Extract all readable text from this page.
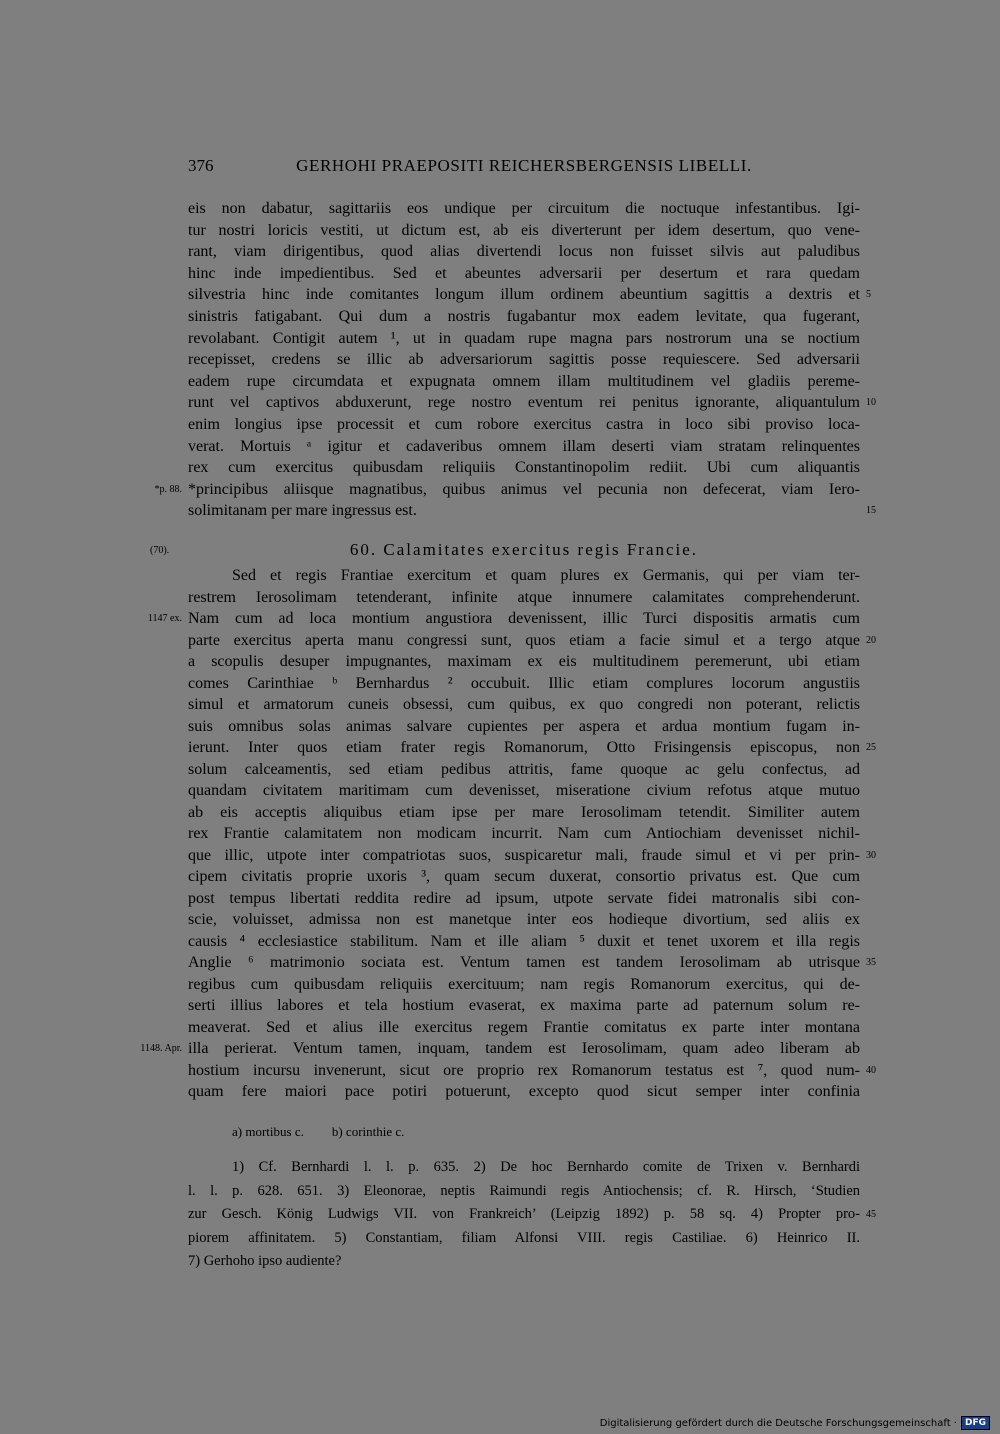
376	GERHOHI PRAEPOSITI REICHERSBERGENSIS LIBELLI.
eis non dabatur, sagittariis eos undique per circuitum die noctuque infestantibus. Igi-
tur nostri loricis vestiti, ut dictum est, ab eis diverterunt per idem desertum, quo vene-
rant, viam dirigentibus, quod alias divertendi locus non fuisset silvis aut paludibus
hinc inde impedientibus. Sed et abeuntes adversarii per desertum et rara quedam
silvestria hinc inde comitantes longum illum ordinem abeuntium sagittis a dextris et 5
sinistris fatigabant. Qui dum a nostris fugabantur mox eadem levitate, qua fugerant,
revolabant. Contigit autem ¹, ut in quadam rupe magna pars nostrorum una se noctium
recepisset, credens se illic ab adversariorum sagittis posse requiescere. Sed adversarii
eadem rupe circumdata et expugnata omnem illam multitudinem vel gladiis pereme-
runt vel captivos abduxerunt, rege nostro eventum rei penitus ignorante, aliquantulum 10
enim longius ipse processit et cum robore exercitus castra in loco sibi proviso loca-
verat. Mortuis ᵃ igitur et cadaveribus omnem illam deserti viam stratam relinquentes
rex cum exercitus quibusdam reliquiis Constantinopolim rediit. Ubi cum aliquantis
*principibus aliisque magnatibus, quibus animus vel pecunia non defecerat, viam Iero-
*p. 88.
solimitanam per mare ingressus est.	15
(70).	60. Calamitates exercitus regis Francie.
Sed et regis Frantiae exercitum et quam plures ex Germanis, qui per viam ter-
restrem Ierosolimam tetenderant, infinite atque innumere calamitates comprehenderunt.
Nam cum ad loca montium angustiora devenissent, illic Turci dispositis armatis cum
1147 ex.
parte exercitus aperta manu congressi sunt, quos etiam a facie simul et a tergo atque 20
a scopulis desuper impugnantes, maximam ex eis multitudinem peremerunt, ubi etiam
comes Carinthiae ᵇ Bernhardus ² occubuit. Illic etiam complures locorum angustiis
simul et armatorum cuneis obsessi, cum quibus, ex quo congredi non poterant, relictis
suis omnibus solas animas salvare cupientes per aspera et ardua montium fugam in-
ierunt. Inter quos etiam frater regis Romanorum, Otto Frisingensis episcopus, non 25
solum calceamentis, sed etiam pedibus attritis, fame quoque ac gelu confectus, ad
quandam civitatem maritimam cum devenisset, miseratione civium refotus atque mutuo
ab eis acceptis aliquibus etiam ipse per mare Ierosolimam tetendit. Similiter autem
rex Frantie calamitatem non modicam incurrit. Nam cum Antiochiam devenisset nichil-
que illic, utpote inter compatriotas suos, suspicaretur mali, fraude simul et vi per prin- 30
cipem civitatis proprie uxoris ³, quam secum duxerat, consortio privatus est. Que cum
post tempus libertati reddita redire ad ipsum, utpote servate fidei matronalis sibi con-
scie, voluisset, admissa non est manetque inter eos hodieque divortium, sed aliis ex
causis ⁴ ecclesiastice stabilitum. Nam et ille aliam ⁵ duxit et tenet uxorem et illa regis
Anglie ⁶ matrimonio sociata est. Ventum tamen est tandem Ierosolimam ab utrisque 35
regibus cum quibusdam reliquiis exercituum; nam regis Romanorum exercitus, qui de-
serti illius labores et tela hostium evaserat, ex maxima parte ad paternum solum re-
meaverat. Sed et alius ille exercitus regem Frantie comitatus ex parte inter montana
illa perierat. Ventum tamen, inquam, tandem est Ierosolimam, quam adeo liberam ab
1148. Apr.
hostium incursu invenerunt, sicut ore proprio rex Romanorum testatus est ⁷, quod num- 40
quam fere maiori pace potiri potuerunt, excepto quod sicut semper inter confinia
a) mortibus c. b) corinthie c.
1) Cf. Bernhardi l. l. p. 635. 2) De hoc Bernhardo comite de Trixen v. Bernhardi
l. l. p. 628. 651. 3) Eleonorae, neptis Raimundi regis Antiochensis; cf. R. Hirsch, ‘Studien
zur Gesch. König Ludwigs VII. von Frankreich’ (Leipzig 1892) p. 58 sq. 4) Propter pro- 45
piorem affinitatem. 5) Constantiam, filiam Alfonsi VIII. regis Castiliae. 6) Heinrico II.
7) Gerhoho ipso audiente?
Digitalisierung gefördert durch die Deutsche Forschungsgemeinschaft · DFG
